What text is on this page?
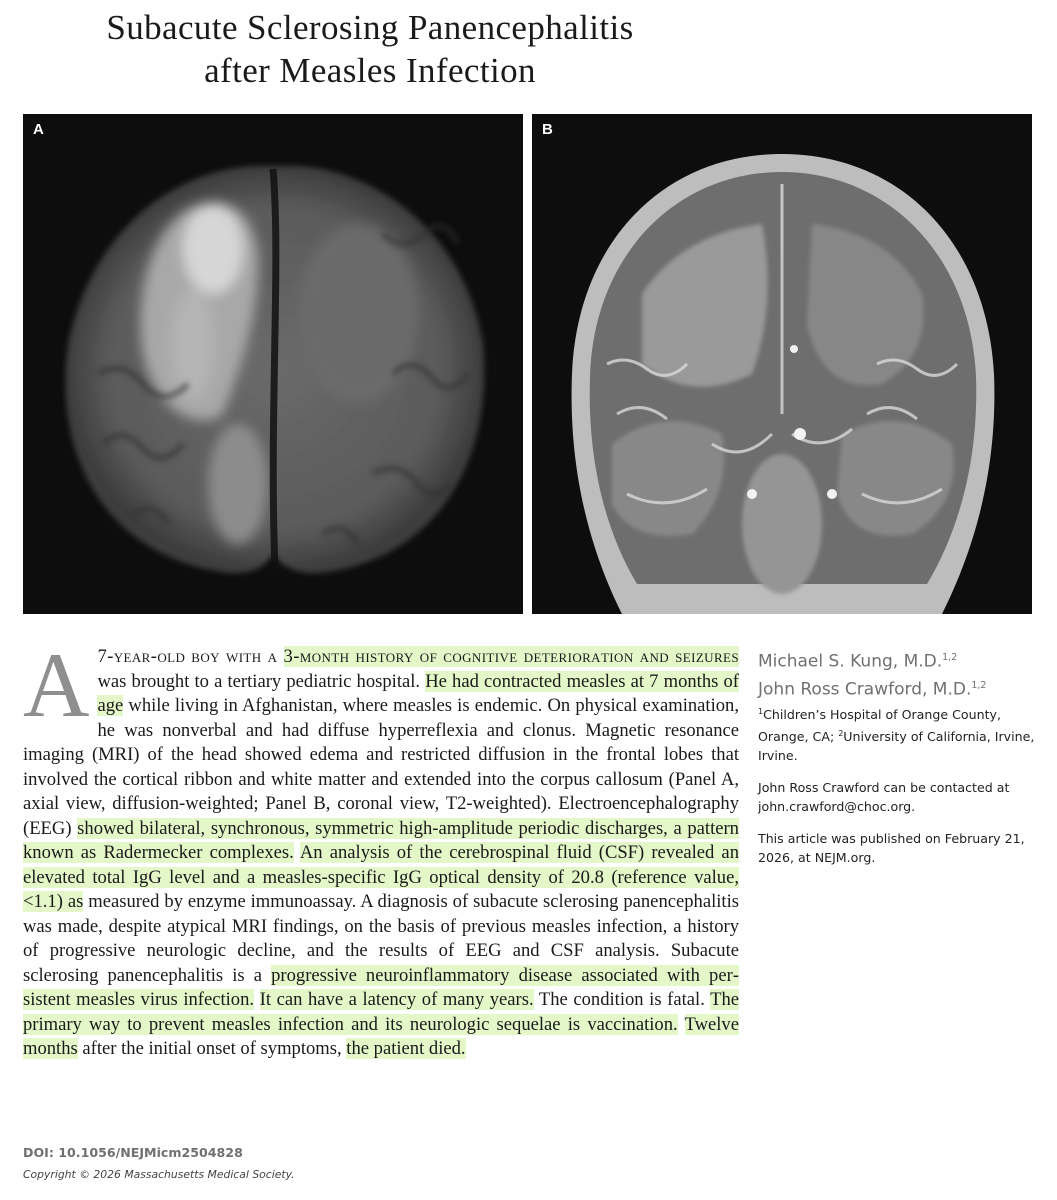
Subacute Sclerosing Panencephalitis
after Measles Infection
A	B

A 7-year-old boy with a 3-month history of cognitive deterioration and seizures was brought to a tertiary pediatric hospital. He had contracted measles at 7 months of age while living in Afghanistan, where measles is endemic. On physical examination, he was nonverbal and had diffuse hyperreflexia and clonus. Magnetic resonance imaging (MRI) of the head showed edema and restricted diffusion in the frontal lobes that involved the cortical ribbon and white matter and extended into the corpus callosum (Panel A, axial view, diffusion-weighted; Panel B, coronal view, T2-weighted). Electroencephalography (EEG) showed bilateral, synchronous, symmetric high-amplitude periodic discharges, a pattern known as Radermecker complexes. An analysis of the cerebrospinal fluid (CSF) revealed an elevated total IgG level and a measles-specific IgG optical density of 20.8 (reference value, <1.1) as measured by enzyme immunoassay. A diagnosis of subacute sclerosing panencephalitis was made, despite atypical MRI findings, on the basis of previous measles infection, a history of progressive neurologic decline, and the results of EEG and CSF analysis. Subacute sclerosing panencephalitis is a progressive neuroinflammatory disease associated with persistent measles virus infection. It can have a latency of many years. The condition is fatal. The primary way to prevent measles infection and its neurologic sequelae is vaccination. Twelve months after the initial onset of symptoms, the patient died.

Michael S. Kung, M.D.$^{1,2}$

John Ross Crawford, M.D.$^{1,2}$

$^1$Children’s Hospital of Orange County, Orange, CA; $^2$University of California, Irvine, Irvine.

John Ross Crawford can be contacted at john.crawford@choc.org.

This article was published on February 21, 2026, at NEJM.org.

DOI: 10.1056/NEJMicm2504828
Copyright © 2026 Massachusetts Medical Society.
